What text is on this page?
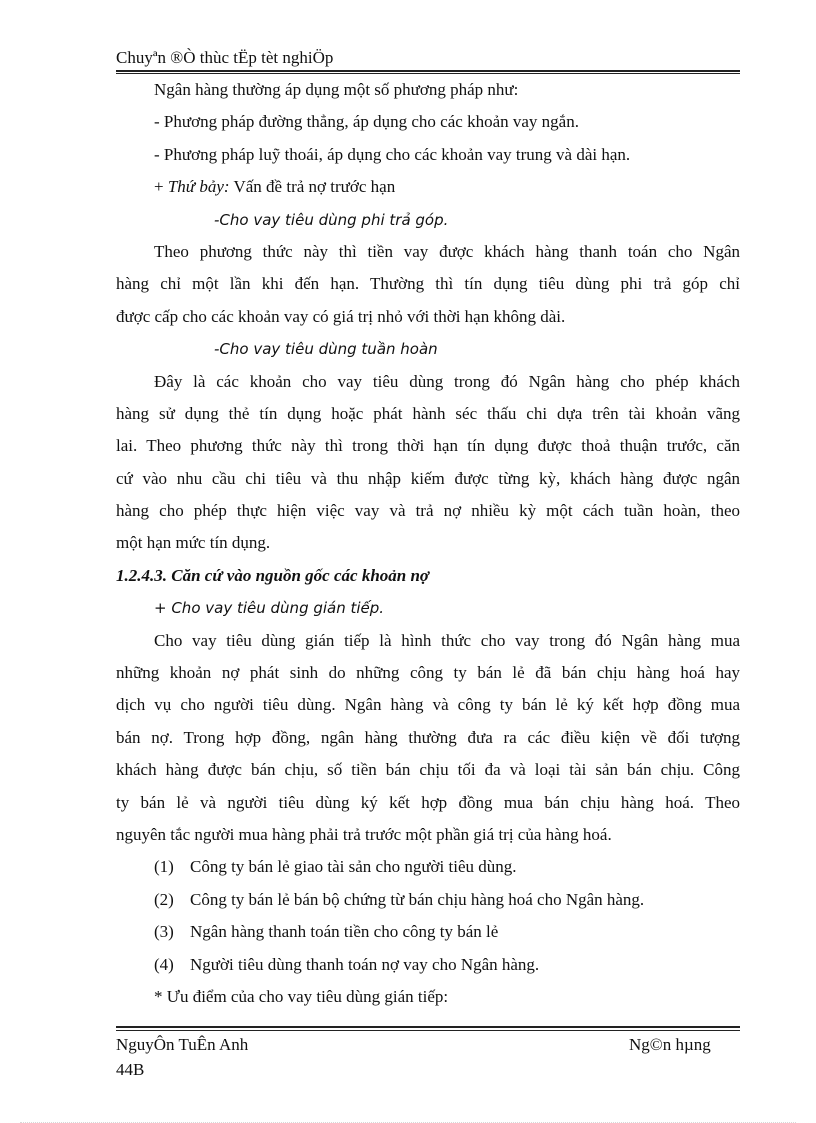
Chuyªn ®Ò thùc tËp tèt nghiÖp
Ngân hàng thường áp dụng một số phương pháp như:
- Phương pháp đường thẳng, áp dụng cho các khoản vay ngắn.
- Phương pháp luỹ thoái, áp dụng cho các khoản vay trung và dài hạn.
+ Thứ bảy: Vấn đề trả nợ trước hạn
-Cho vay tiêu dùng phi trả góp.
Theo phương thức này thì tiền vay được khách hàng thanh toán cho Ngân
hàng chỉ một lần khi đến hạn. Thường thì tín dụng tiêu dùng phi trả góp chỉ
được cấp cho các khoản vay có giá trị nhỏ với thời hạn không dài.
-Cho vay tiêu dùng tuần hoàn
Đây là các khoản cho vay tiêu dùng trong đó Ngân hàng cho phép khách
hàng sử dụng thẻ tín dụng hoặc phát hành séc thấu chi dựa trên tài khoản vãng
lai. Theo phương thức này thì trong thời hạn tín dụng được thoả thuận trước, căn
cứ vào nhu cầu chi tiêu và thu nhập kiếm được từng kỳ, khách hàng được ngân
hàng cho phép thực hiện việc vay và trả nợ nhiều kỳ một cách tuần hoàn, theo
một hạn mức tín dụng.
1.2.4.3. Căn cứ vào nguồn gốc các khoản nợ
+ Cho vay tiêu dùng gián tiếp.
Cho vay tiêu dùng gián tiếp là hình thức cho vay trong đó Ngân hàng mua
những khoản nợ phát sinh do những công ty bán lẻ đã bán chịu hàng hoá hay
dịch vụ cho người tiêu dùng. Ngân hàng và công ty bán lẻ ký kết hợp đồng mua
bán nợ. Trong hợp đồng, ngân hàng thường đưa ra các điều kiện về đối tượng
khách hàng được bán chịu, số tiền bán chịu tối đa và loại tài sản bán chịu. Công
ty bán lẻ và người tiêu dùng ký kết hợp đồng mua bán chịu hàng hoá. Theo
nguyên tắc người mua hàng phải trả trước một phần giá trị của hàng hoá.
(1) Công ty bán lẻ giao tài sản cho người tiêu dùng.
(2) Công ty bán lẻ bán bộ chứng từ bán chịu hàng hoá cho Ngân hàng.
(3) Ngân hàng thanh toán tiền cho công ty bán lẻ
(4) Người tiêu dùng thanh toán nợ vay cho Ngân hàng.
* Ưu điểm của cho vay tiêu dùng gián tiếp:
NguyÔn TuÊn Anh
44B
Ng©n hµng
